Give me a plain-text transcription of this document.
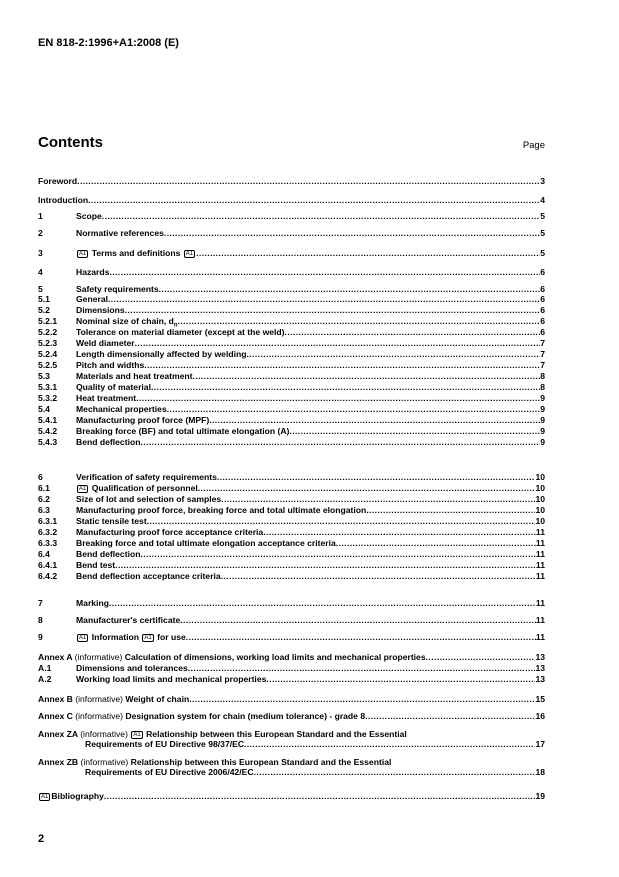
EN 818-2:1996+A1:2008 (E)
Contents	Page
Foreword .....	3
Introduction .....	4
1	Scope .....	5
2	Normative references .....	5
3	A1 Terms and definitions A1 .....	5
4	Hazards .....	6
5	Safety requirements .....	6
5.1	General .....	6
5.2	Dimensions .....	6
5.2.1 Nominal size of chain, $d_n$ .....	6
5.2.2 Tolerance on material diameter (except at the weld) .....	6
5.2.3 Weld diameter .....	7
5.2.4 Length dimensionally affected by welding .....	7
5.2.5 Pitch and widths .....	7
5.3	Materials and heat treatment .....	8
5.3.1 Quality of material .....	8
5.3.2 Heat treatment .....	9
5.4	Mechanical properties .....	9
5.4.1 Manufacturing proof force (MPF) .....	9
5.4.2 Breaking force (BF) and total ultimate elongation (A) .....	9
5.4.3 Bend deflection .....	9
6	Verification of safety requirements .....	10
6.1	A1 Qualification of personnel .....	10
6.2	Size of lot and selection of samples .....	10
6.3	Manufacturing proof force, breaking force and total ultimate elongation .....	10
6.3.1 Static tensile test .....	10
6.3.2 Manufacturing proof force acceptance criteria .....	11
6.3.3 Breaking force and total ultimate elongation acceptance criteria .....	11
6.4	Bend deflection .....	11
6.4.1 Bend test .....	11
6.4.2 Bend deflection acceptance criteria .....	11
7	Marking .....	11
8	Manufacturer's certificate .....	11
9	A1 Information A1 for use .....	11
Annex A (informative) Calculation of dimensions, working load limits and mechanical properties .....	13
A.1	Dimensions and tolerances .....	13
A.2	Working load limits and mechanical properties .....	13
Annex B (informative) Weight of chain .....	15
Annex C (informative) Designation system for chain (medium tolerance) - grade 8 .....	16
Annex ZA (informative) A1 Relationship between this European Standard and the Essential
Requirements of EU Directive 98/37/EC .....	17
Annex ZB (informative) Relationship between this European Standard and the Essential
Requirements of EU Directive 2006/42/EC .....	18
A1 Bibliography .....	19
2
